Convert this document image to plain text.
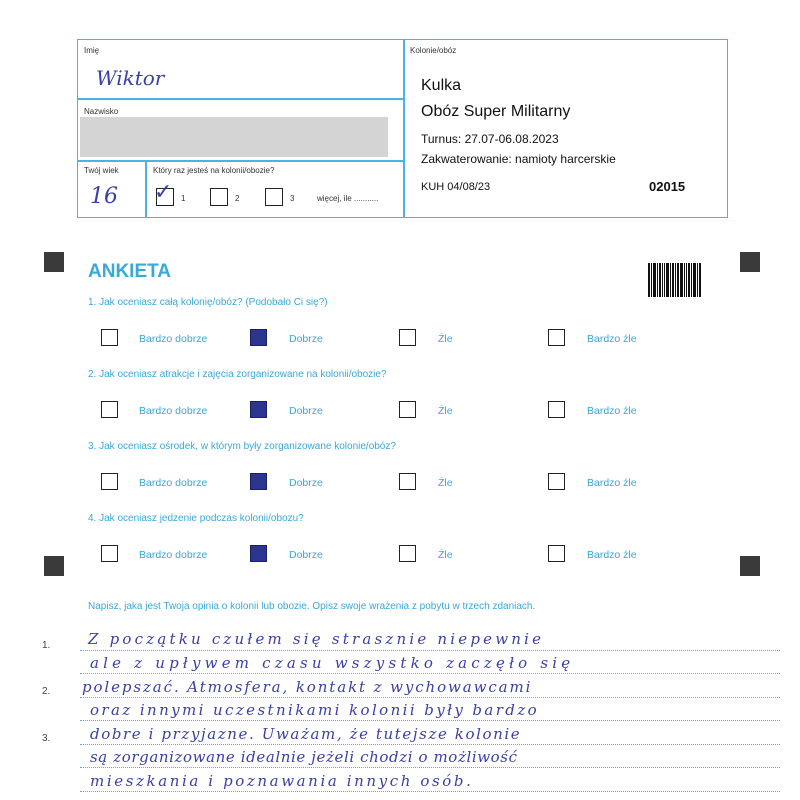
Imię
Wiktor
Nazwisko
Twój wiek
16
Który raz jesteś na kolonii/obozie?
✓ 1	2	3	więcej, ile ...........
Kolonie/obóz
Kulka
Obóz Super Militarny
Turnus: 27.07-06.08.2023
Zakwaterowanie: namioty harcerskie
KUH 04/08/23	02015
ANKIETA
1. Jak oceniasz całą kolonię/obóz? (Podobało Ci się?)
2. Jak oceniasz atrakcje i zajęcia zorganizowane na kolonii/obozie?
3. Jak oceniasz ośrodek, w którym były zorganizowane kolonie/obóz?
4. Jak oceniasz jedzenie podczas kolonii/obozu?
Bardzo dobrze	Dobrze	Źle	Bardzo źle
Bardzo dobrze	Dobrze	Źle	Bardzo źle
Bardzo dobrze	Dobrze	Źle	Bardzo źle
Bardzo dobrze	Dobrze	Źle	Bardzo źle
Napisz, jaka jest Twoja opinia o kolonii lub obozie. Opisz swoje wrażenia z pobytu w trzech zdaniach.
1.
2.
3.
Z początku czułem się strasznie niepewnie
ale z upływem czasu wszystko zaczęło się
polepszać. Atmosfera, kontakt z wychowawcami
oraz innymi uczestnikami kolonii były bardzo
dobre i przyjazne. Uważam, że tutejsze kolonie
są zorganizowane idealnie jeżeli chodzi o możliwość
mieszkania i poznawania innych osób.
